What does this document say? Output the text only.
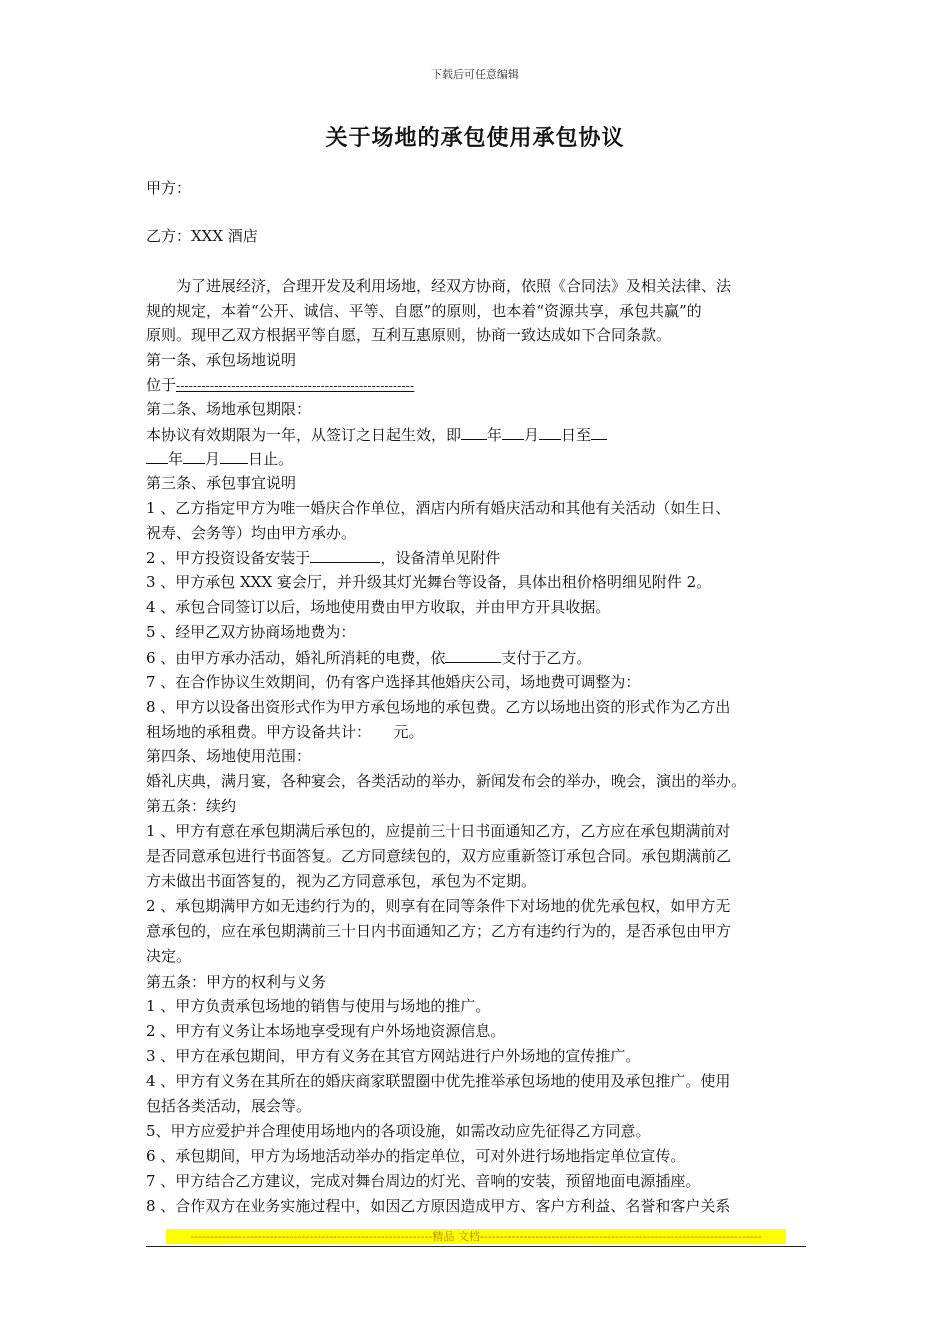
下载后可任意编辑
关于场地的承包使用承包协议
甲方：
乙方：XXX 酒店
　　为了进展经济，合理开发及利用场地，经双方协商，依照《合同法》及相关法律、法
规的规定，本着“公开、诚信、平等、自愿”的原则，也本着“资源共享，承包共赢”的
原则。现甲乙双方根据平等自愿，互利互惠原则，协商一致达成如下合同条款。
第一条、承包场地说明
位于--------------------------------------------------------
第二条、场地承包期限：
本协议有效期限为一年，从签订之日起生效，即 年 月 日至
年 月 日止。
第三条、承包事宜说明
1 、乙方指定甲方为唯一婚庆合作单位，酒店内所有婚庆活动和其他有关活动（如生日、
祝寿、会务等）均由甲方承办。
2 、甲方投资设备安装于	，设备清单见附件
3 、甲方承包 XXX 宴会厅，并升级其灯光舞台等设备，具体出租价格明细见附件 2。
4 、承包合同签订以后，场地使用费由甲方收取，并由甲方开具收据。
5 、经甲乙双方协商场地费为：
6 、由甲方承办活动，婚礼所消耗的电费，依	支付于乙方。
7 、在合作协议生效期间，仍有客户选择其他婚庆公司，场地费可调整为：
8 、甲方以设备出资形式作为甲方承包场地的承包费。乙方以场地出资的形式作为乙方出
租场地的承租费。甲方设备共计：　　元。
第四条、场地使用范围：
婚礼庆典，满月宴，各种宴会，各类活动的举办，新闻发布会的举办，晚会，演出的举办。
第五条：续约
1 、甲方有意在承包期满后承包的，应提前三十日书面通知乙方，乙方应在承包期满前对
是否同意承包进行书面答复。乙方同意续包的，双方应重新签订承包合同。承包期满前乙
方未做出书面答复的，视为乙方同意承包，承包为不定期。
2 、承包期满甲方如无违约行为的，则享有在同等条件下对场地的优先承包权，如甲方无
意承包的，应在承包期满前三十日内书面通知乙方；乙方有违约行为的，是否承包由甲方
决定。
第五条：甲方的权利与义务
1 、甲方负责承包场地的销售与使用与场地的推广。
2 、甲方有义务让本场地享受现有户外场地资源信息。
3 、甲方在承包期间，甲方有义务在其官方网站进行户外场地的宣传推广。
4 、甲方有义务在其所在的婚庆商家联盟圈中优先推举承包场地的使用及承包推广。使用
包括各类活动，展会等。
5、甲方应爱护并合理使用场地内的各项设施，如需改动应先征得乙方同意。
6 、承包期间，甲方为场地活动举办的指定单位，可对外进行场地指定单位宣传。
7 、甲方结合乙方建议，完成对舞台周边的灯光、音响的安装，预留地面电源插座。
8 、合作双方在业务实施过程中，如因乙方原因造成甲方、客户方利益、名誉和客户关系
-------------------------------------------------------------精品 文档-----------------------------------------------------------------------
